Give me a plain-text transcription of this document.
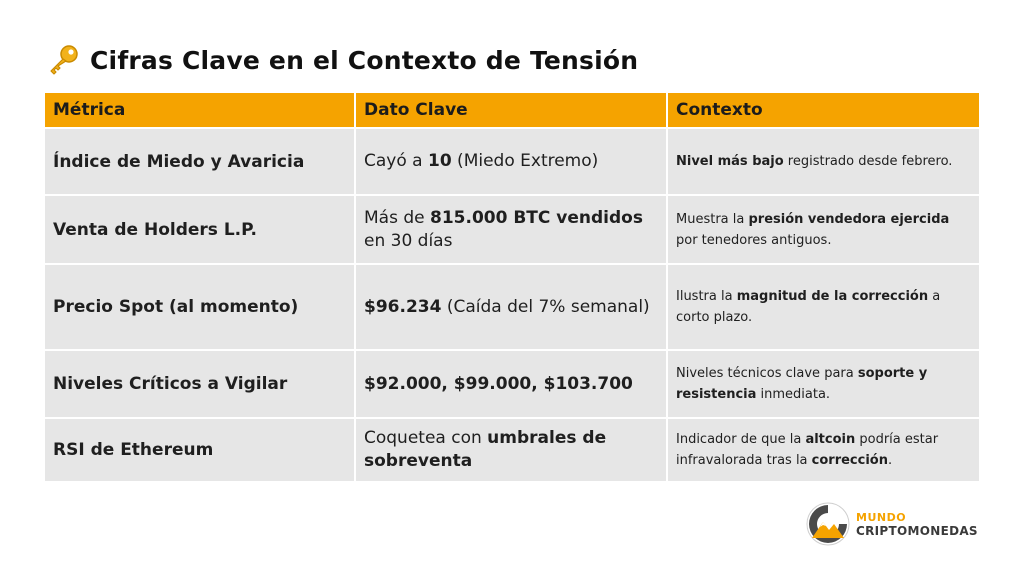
Cifras Clave en el Contexto de Tensión
Métrica	Dato Clave	Contexto
Índice de Miedo y Avaricia	Cayó a 10 (Miedo Extremo)	Nivel más bajo registrado desde febrero.
Venta de Holders L.P.	Más de 815.000 BTC vendidos en 30 días	Muestra la presión vendedora ejercida por tenedores antiguos.
Precio Spot (al momento)	$96.234 (Caída del 7% semanal)	Ilustra la magnitud de la corrección a corto plazo.
Niveles Críticos a Vigilar	$92.000, $99.000, $103.700	Niveles técnicos clave para soporte y resistencia inmediata.
RSI de Ethereum	Coquetea con umbrales de sobreventa	Indicador de que la altcoin podría estar infravalorada tras la corrección.
MUNDO
CRIPTOMONEDAS
